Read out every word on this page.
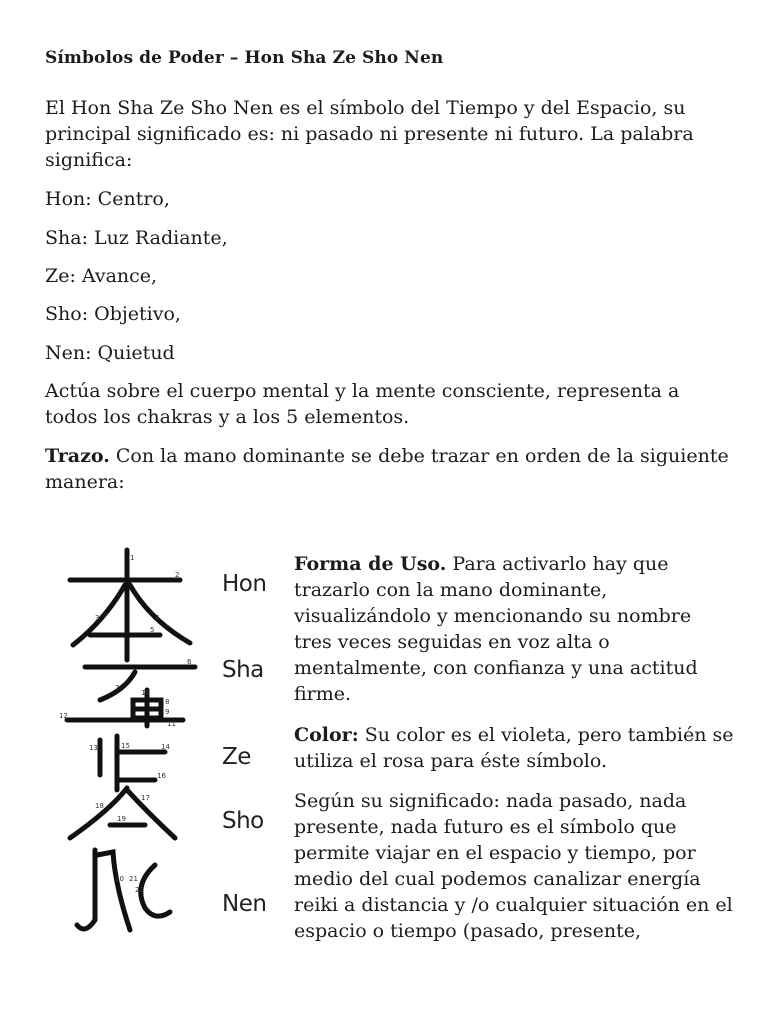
Símbolos de Poder – Hon Sha Ze Sho Nen
El Hon Sha Ze Sho Nen es el símbolo del Tiempo y del Espacio, su principal significado es: ni pasado ni presente ni futuro. La palabra significa:
Hon: Centro,
Sha: Luz Radiante,
Ze: Avance,
Sho: Objetivo,
Nen: Quietud
Actúa sobre el cuerpo mental y la mente consciente, representa a todos los chakras y a los 5 elementos.
Trazo. Con la mano dominante se debe trazar en orden de la siguiente manera:
1
2
3	4
5
6
7
8
9
10
11
12
13	14
15
16
17
18
19
20 21
22
Hon
Sha
Ze
Sho
Nen
Forma de Uso. Para activarlo hay que trazarlo con la mano dominante, visualizándolo y mencionando su nombre tres veces seguidas en voz alta o mentalmente, con confianza y una actitud firme.
Color: Su color es el violeta, pero también se utiliza el rosa para éste símbolo.
Según su significado: nada pasado, nada presente, nada futuro es el símbolo que permite viajar en el espacio y tiempo, por medio del cual podemos canalizar energía reiki a distancia y /o cualquier situación en el espacio o tiempo (pasado, presente,
